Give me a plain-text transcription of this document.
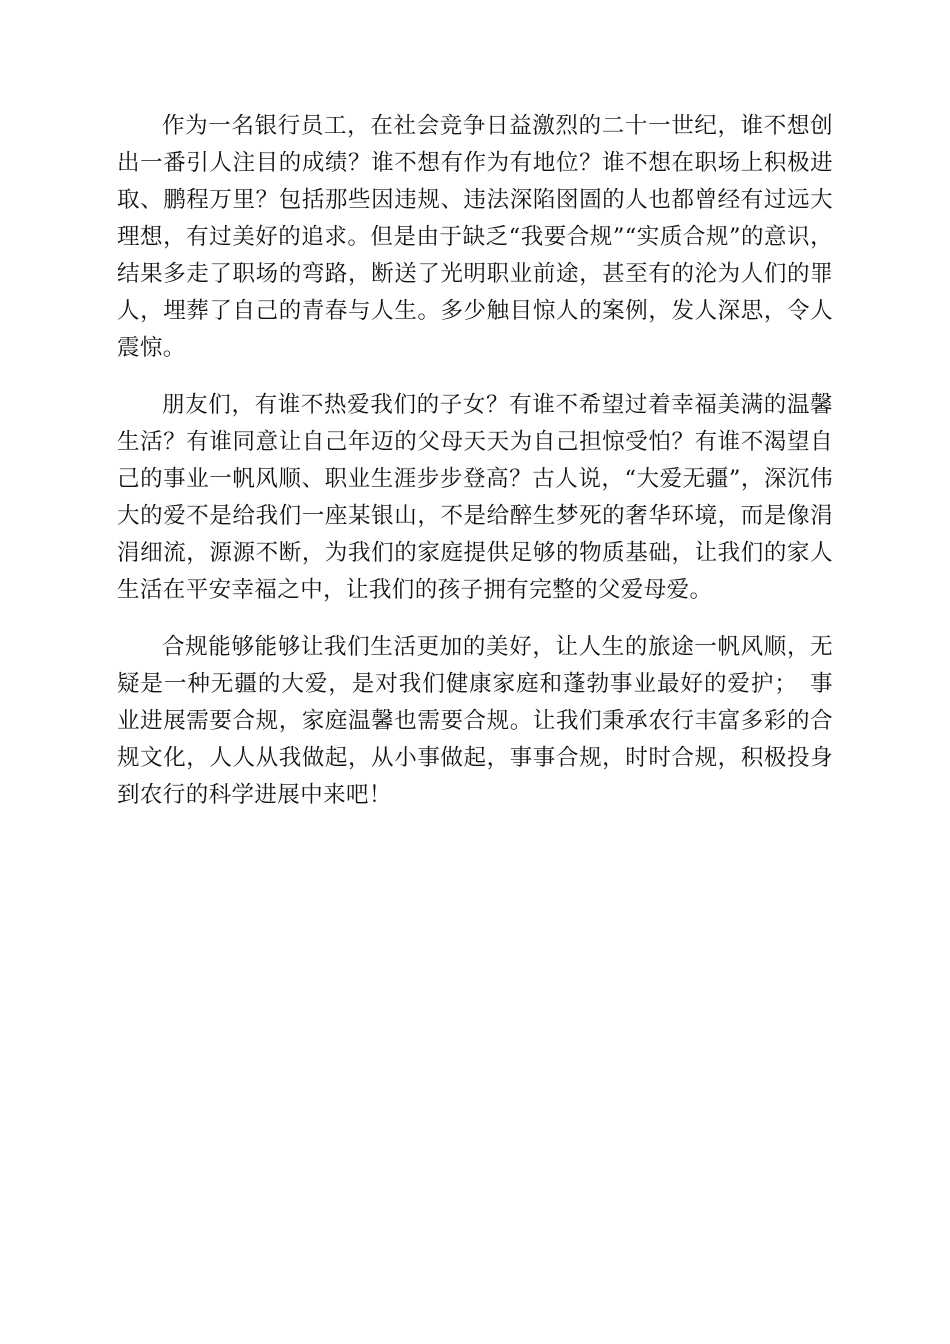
作为一名银行员工，在社会竞争日益激烈的二十一世纪，谁不想创出一番引人注目的成绩？谁不想有作为有地位？谁不想在职场上积极进取、鹏程万里？包括那些因违规、违法深陷囹圄的人也都曾经有过远大理想，有过美好的追求。但是由于缺乏“我要合规”“实质合规”的意识，结果多走了职场的弯路，断送了光明职业前途，甚至有的沦为人们的罪人，埋葬了自己的青春与人生。多少触目惊人的案例，发人深思，令人震惊。

朋友们，有谁不热爱我们的子女？有谁不希望过着幸福美满的温馨生活？有谁同意让自己年迈的父母天天为自己担惊受怕？有谁不渴望自己的事业一帆风顺、职业生涯步步登高？古人说，“大爱无疆”，深沉伟大的爱不是给我们一座某银山，不是给醉生梦死的奢华环境，而是像涓涓细流，源源不断，为我们的家庭提供足够的物质基础，让我们的家人生活在平安幸福之中，让我们的孩子拥有完整的父爱母爱。

合规能够能够让我们生活更加的美好，让人生的旅途一帆风顺，无疑是一种无疆的大爱，是对我们健康家庭和蓬勃事业最好的爱护；　事业进展需要合规，家庭温馨也需要合规。让我们秉承农行丰富多彩的合规文化，人人从我做起，从小事做起，事事合规，时时合规，积极投身到农行的科学进展中来吧！
